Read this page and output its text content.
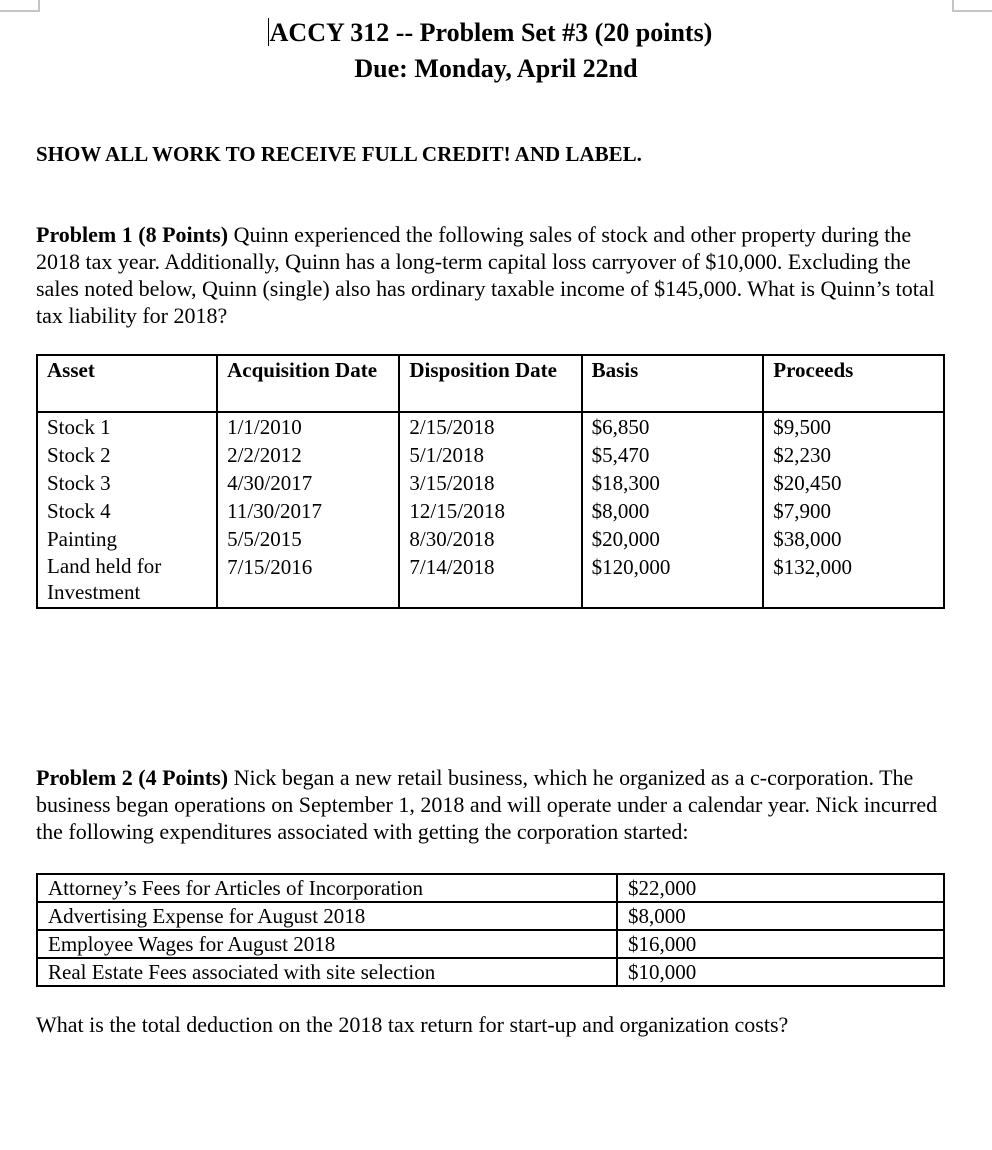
ACCY 312 -- Problem Set #3 (20 points)
Due: Monday, April 22nd
SHOW ALL WORK TO RECEIVE FULL CREDIT! AND LABEL.
Problem 1 (8 Points) Quinn experienced the following sales of stock and other property during the 2018 tax year. Additionally, Quinn has a long-term capital loss carryover of $10,000. Excluding the sales noted below, Quinn (single) also has ordinary taxable income of $145,000. What is Quinn’s total tax liability for 2018?
Asset	Acquisition Date	Disposition Date	Basis	Proceeds
Stock 1	1/1/2010	2/15/2018	$6,850	$9,500
Stock 2	2/2/2012	5/1/2018	$5,470	$2,230
Stock 3	4/30/2017	3/15/2018	$18,300	$20,450
Stock 4	11/30/2017	12/15/2018	$8,000	$7,900
Painting	5/5/2015	8/30/2018	$20,000	$38,000
Land held for Investment	7/15/2016	7/14/2018	$120,000	$132,000
Problem 2 (4 Points) Nick began a new retail business, which he organized as a c-corporation. The business began operations on September 1, 2018 and will operate under a calendar year. Nick incurred the following expenditures associated with getting the corporation started:
Attorney’s Fees for Articles of Incorporation	$22,000
Advertising Expense for August 2018	$8,000
Employee Wages for August 2018	$16,000
Real Estate Fees associated with site selection	$10,000
What is the total deduction on the 2018 tax return for start-up and organization costs?
